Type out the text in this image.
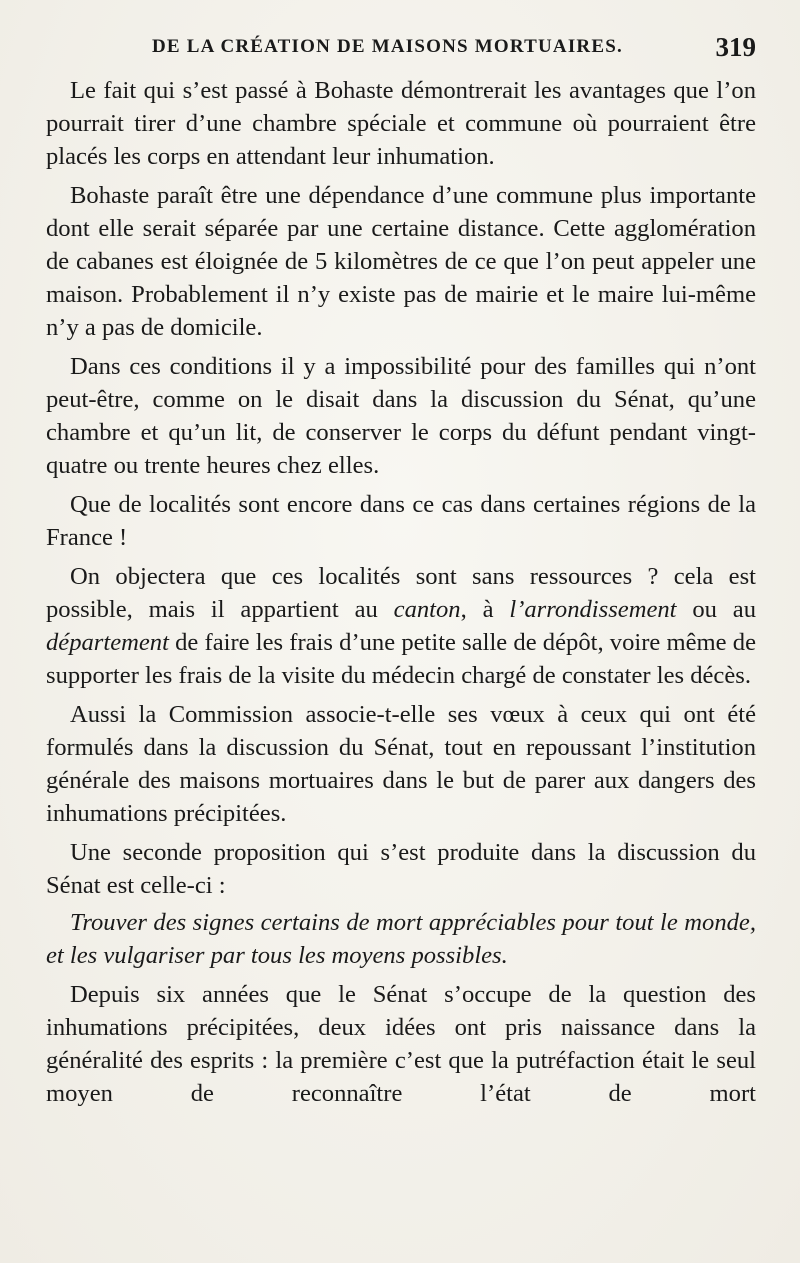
DE LA CRÉATION DE MAISONS MORTUAIRES.	319

Le fait qui s’est passé à Bohaste démontrerait les avantages que l’on pourrait tirer d’une chambre spéciale et commune où pourraient être placés les corps en attendant leur inhumation.

Bohaste paraît être une dépendance d’une commune plus importante dont elle serait séparée par une certaine distance. Cette agglomération de cabanes est éloignée de 5 kilomètres de ce que l’on peut appeler une maison. Probablement il n’y existe pas de mairie et le maire lui-même n’y a pas de domicile.

Dans ces conditions il y a impossibilité pour des familles qui n’ont peut-être, comme on le disait dans la discussion du Sénat, qu’une chambre et qu’un lit, de conserver le corps du défunt pendant vingt-quatre ou trente heures chez elles.

Que de localités sont encore dans ce cas dans certaines régions de la France !

On objectera que ces localités sont sans ressources ? cela est possible, mais il appartient au canton, à l’arrondissement ou au département de faire les frais d’une petite salle de dépôt, voire même de supporter les frais de la visite du médecin chargé de constater les décès.

Aussi la Commission associe-t-elle ses vœux à ceux qui ont été formulés dans la discussion du Sénat, tout en repoussant l’institution générale des maisons mortuaires dans le but de parer aux dangers des inhumations précipitées.

Une seconde proposition qui s’est produite dans la discussion du Sénat est celle-ci :

Trouver des signes certains de mort appréciables pour tout le monde, et les vulgariser par tous les moyens possibles.

Depuis six années que le Sénat s’occupe de la question des inhumations précipitées, deux idées ont pris naissance dans la généralité des esprits : la première c’est que la putréfaction était le seul moyen de reconnaître l’état de mort
